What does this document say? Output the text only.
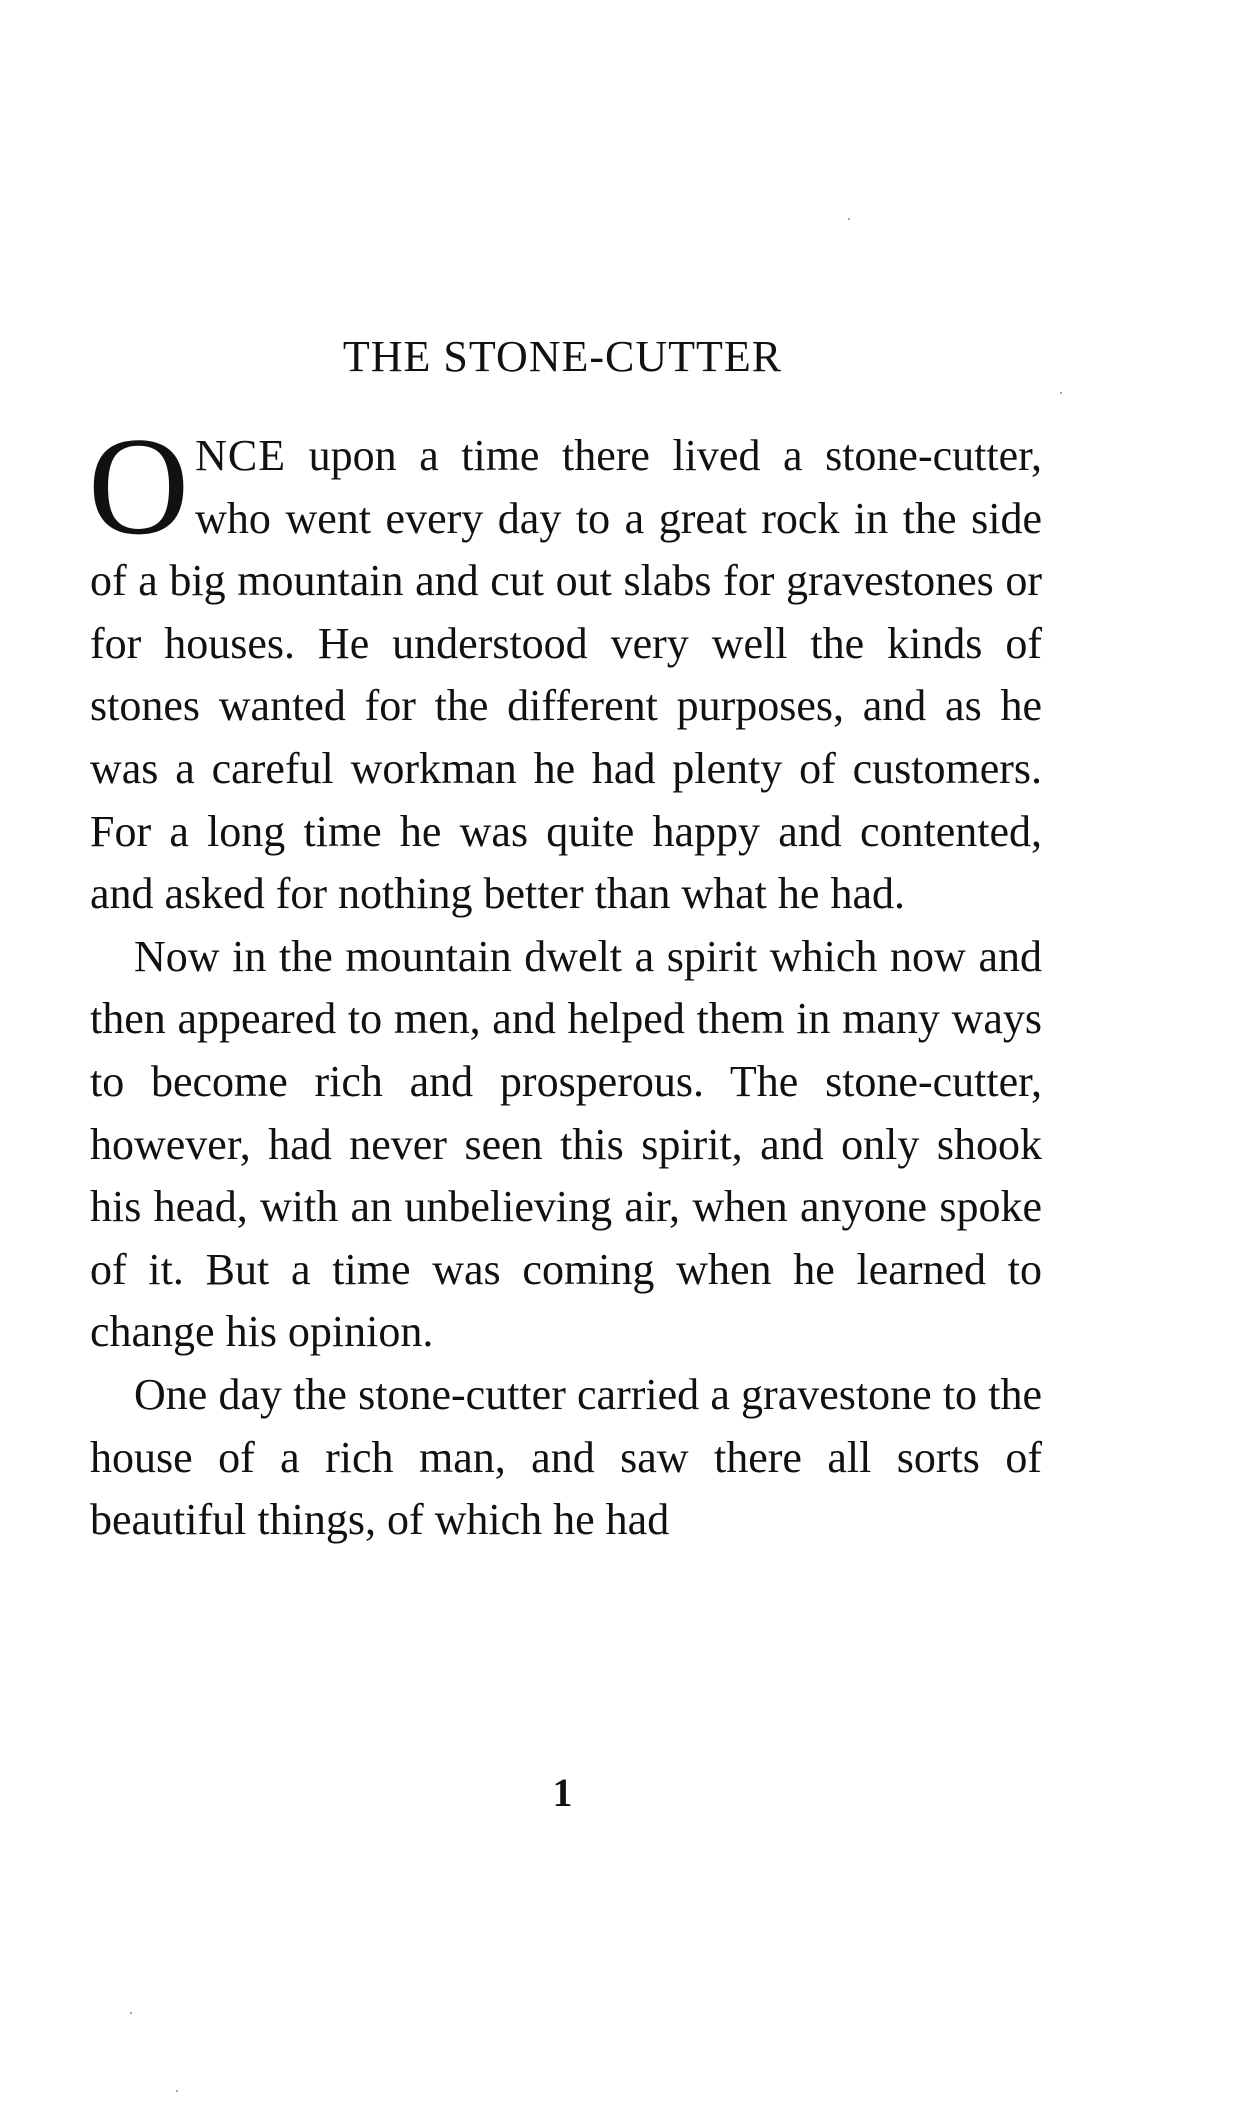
THE STONE-CUTTER

ONCE upon a time there lived a stone-cutter, who went every day to a great rock in the side of a big mountain and cut out slabs for gravestones or for houses. He understood very well the kinds of stones wanted for the different purposes, and as he was a careful workman he had plenty of customers. For a long time he was quite happy and contented, and asked for nothing better than what he had.

Now in the mountain dwelt a spirit which now and then appeared to men, and helped them in many ways to become rich and prosperous. The stone-cutter, however, had never seen this spirit, and only shook his head, with an unbelieving air, when anyone spoke of it. But a time was coming when he learned to change his opinion.

One day the stone-cutter carried a gravestone to the house of a rich man, and saw there all sorts of beautiful things, of which he had

1
